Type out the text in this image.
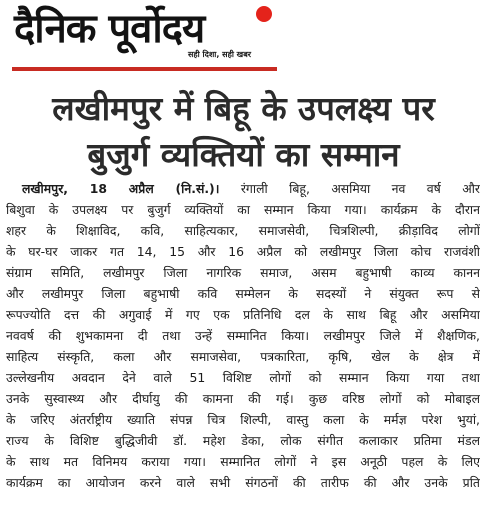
दैनिक पूर्वोदय
सही दिशा, सही खबर
लखीमपुर में बिहू के उपलक्ष्य पर
बुजुर्ग व्यक्तियों का सम्मान
लखीमपुर, 18 अप्रैल (नि.सं.)। रंगाली बिहू, असमिया नव वर्ष और
बिशुवा के उपलक्ष्य पर बुजुर्ग व्यक्तियों का सम्मान किया गया। कार्यक्रम के दौरान
शहर के शिक्षाविद, कवि, साहित्यकार, समाजसेवी, चित्रशिल्पी, क्रीड़ाविद लोगों
के घर-घर जाकर गत 14, 15 और 16 अप्रैल को लखीमपुर जिला कोच राजवंशी
संग्राम समिति, लखीमपुर जिला नागरिक समाज, असम बहुभाषी काव्य कानन
और लखीमपुर जिला बहुभाषी कवि सम्मेलन के सदस्यों ने संयुक्त रूप से
रूपज्योति दत्त की अगुवाई में गए एक प्रतिनिधि दल के साथ बिहू और असमिया
नववर्ष की शुभकामना दी तथा उन्हें सम्मानित किया। लखीमपुर जिले में शैक्षणिक,
साहित्य संस्कृति, कला और समाजसेवा, पत्रकारिता, कृषि, खेल के क्षेत्र में
उल्लेखनीय अवदान देने वाले 51 विशिष्ट लोगों को सम्मान किया गया तथा
उनके सुस्वास्थ्य और दीर्घायु की कामना की गई। कुछ वरिष्ठ लोगों को मोबाइल
के जरिए अंतर्राष्ट्रीय ख्याति संपन्न चित्र शिल्पी, वास्तु कला के मर्मज्ञ परेश भुयां,
राज्य के विशिष्ट बुद्धिजीवी डॉ. महेश डेका, लोक संगीत कलाकार प्रतिमा मंडल
के साथ मत विनिमय कराया गया। सम्मानित लोगों ने इस अनूठी पहल के लिए
कार्यक्रम का आयोजन करने वाले सभी संगठनों की तारीफ की और उनके प्रति
